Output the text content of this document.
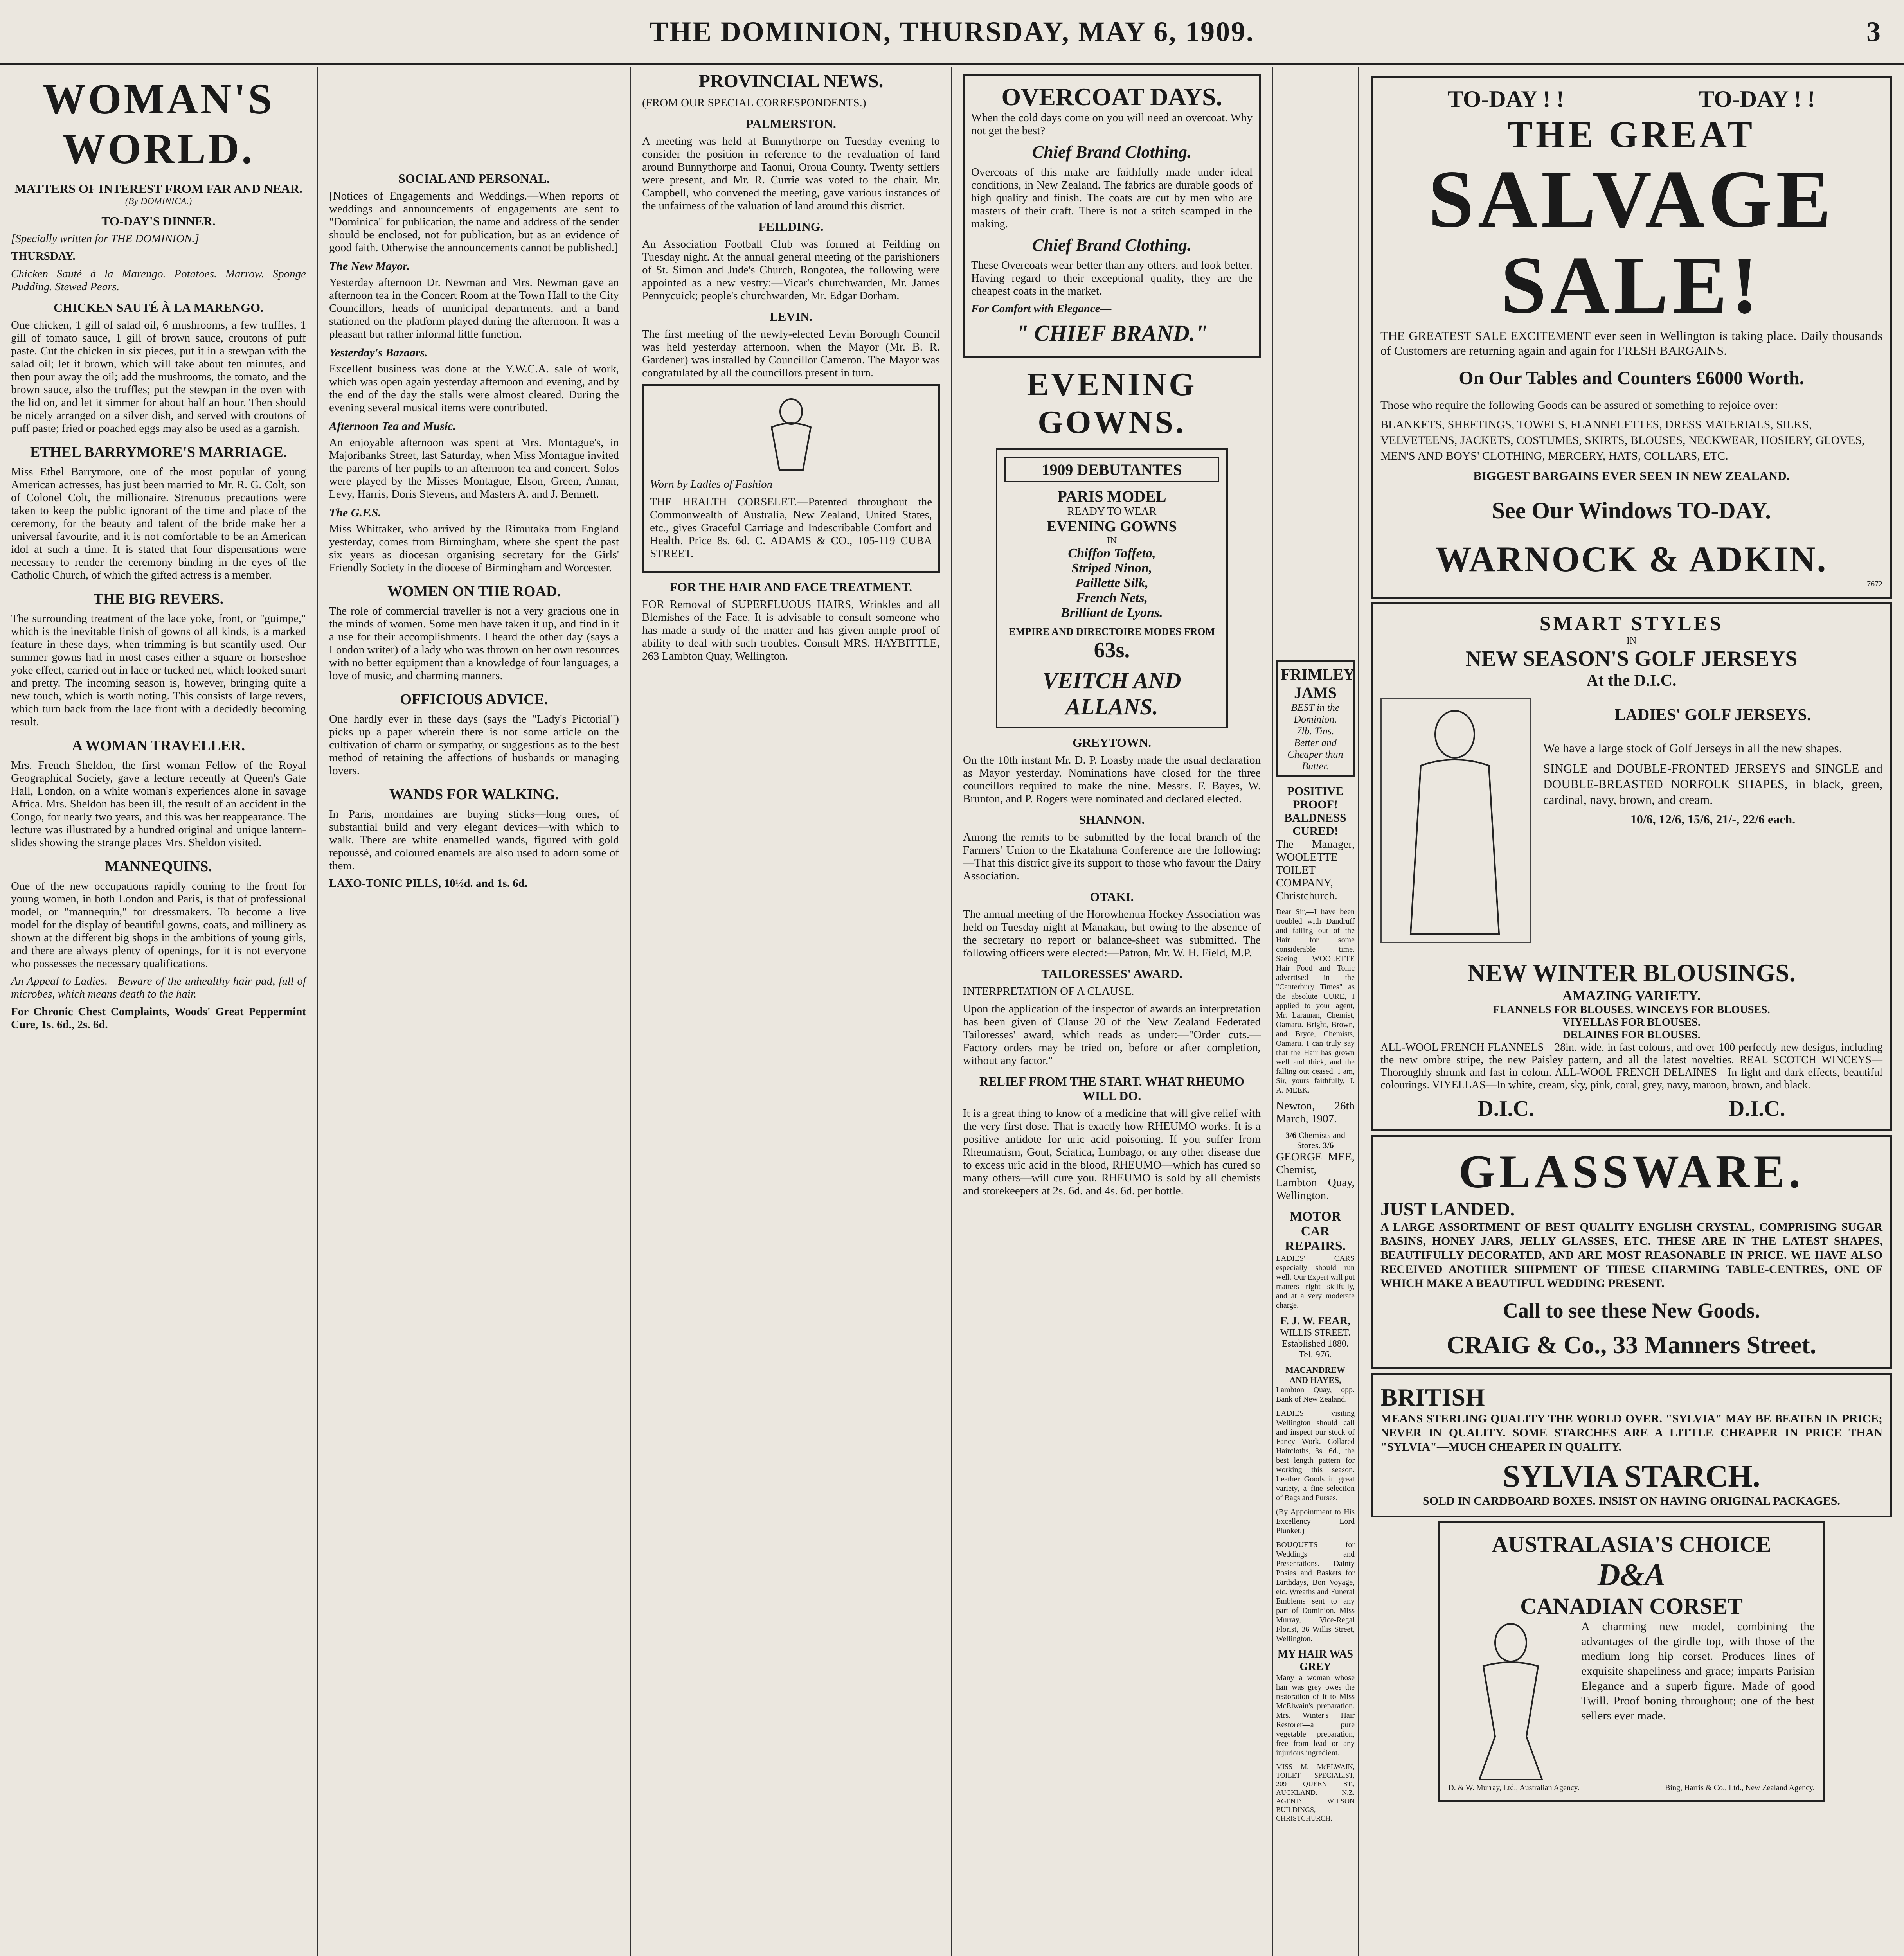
THE DOMINION, THURSDAY, MAY 6, 1909.	3
WOMAN'S WORLD.
MATTERS OF INTEREST FROM FAR AND NEAR.
(By DOMINICA.)
TO-DAY'S DINNER.

[Specially written for THE DOMINION.]

THURSDAY.

Chicken Sauté à la Marengo. Potatoes. Marrow. Sponge Pudding. Stewed Pears.

CHICKEN SAUTÉ À LA MARENGO.

One chicken, 1 gill of salad oil, 6 mushrooms, a few truffles, 1 gill of tomato sauce, 1 gill of brown sauce, croutons of puff paste. Cut the chicken in six pieces, put it in a stewpan with the salad oil; let it brown, which will take about ten minutes, and then pour away the oil; add the mushrooms, the tomato, and the brown sauce, also the truffles; put the stewpan in the oven with the lid on, and let it simmer for about half an hour. Then should be nicely arranged on a silver dish, and served with croutons of puff paste; fried or poached eggs may also be used as a garnish.

ETHEL BARRYMORE'S MARRIAGE.

Miss Ethel Barrymore, one of the most popular of young American actresses, has just been married to Mr. R. G. Colt, son of Colonel Colt, the millionaire. Strenuous precautions were taken to keep the public ignorant of the time and place of the ceremony, for the beauty and talent of the bride make her a universal favourite, and it is not comfortable to be an American idol at such a time. It is stated that four dispensations were necessary to render the ceremony binding in the eyes of the Catholic Church, of which the gifted actress is a member.

THE BIG REVERS.

The surrounding treatment of the lace yoke, front, or "guimpe," which is the inevitable finish of gowns of all kinds, is a marked feature in these days, when trimming is but scantily used. Our summer gowns had in most cases either a square or horseshoe yoke effect, carried out in lace or tucked net, which looked smart and pretty. The incoming season is, however, bringing quite a new touch, which is worth noting. This consists of large revers, which turn back from the lace front with a decidedly becoming result.

A WOMAN TRAVELLER.

Mrs. French Sheldon, the first woman Fellow of the Royal Geographical Society, gave a lecture recently at Queen's Gate Hall, London, on a white woman's experiences alone in savage Africa. Mrs. Sheldon has been ill, the result of an accident in the Congo, for nearly two years, and this was her reappearance. The lecture was illustrated by a hundred original and unique lantern-slides showing the strange places Mrs. Sheldon visited.

MANNEQUINS.

One of the new occupations rapidly coming to the front for young women, in both London and Paris, is that of professional model, or "mannequin," for dressmakers. To become a live model for the display of beautiful gowns, coats, and millinery as shown at the different big shops in the ambitions of young girls, and there are always plenty of openings, for it is not everyone who possesses the necessary qualifications.

An Appeal to Ladies.—Beware of the unhealthy hair pad, full of microbes, which means death to the hair.

For Chronic Chest Complaints, Woods' Great Peppermint Cure, 1s. 6d., 2s. 6d.

SOCIAL AND PERSONAL.

[Notices of Engagements and Weddings.—When reports of weddings and announcements of engagements are sent to "Dominica" for publication, the name and address of the sender should be enclosed, not for publication, but as an evidence of good faith. Otherwise the announcements cannot be published.]

The New Mayor.

Yesterday afternoon Dr. Newman and Mrs. Newman gave an afternoon tea in the Concert Room at the Town Hall to the City Councillors, heads of municipal departments, and a band stationed on the platform played during the afternoon. It was a pleasant but rather informal little function.

Yesterday's Bazaars.

Excellent business was done at the Y.W.C.A. sale of work, which was open again yesterday afternoon and evening, and by the end of the day the stalls were almost cleared. During the evening several musical items were contributed.

Afternoon Tea and Music.

An enjoyable afternoon was spent at Mrs. Montague's, in Majoribanks Street, last Saturday, when Miss Montague invited the parents of her pupils to an afternoon tea and concert. Solos were played by the Misses Montague, Elson, Green, Annan, Levy, Harris, Doris Stevens, and Masters A. and J. Bennett.

The G.F.S.

Miss Whittaker, who arrived by the Rimutaka from England yesterday, comes from Birmingham, where she spent the past six years as diocesan organising secretary for the Girls' Friendly Society in the diocese of Birmingham and Worcester.

WOMEN ON THE ROAD.

The role of commercial traveller is not a very gracious one in the minds of women. Some men have taken it up, and find in it a use for their accomplishments. I heard the other day (says a London writer) of a lady who was thrown on her own resources with no better equipment than a knowledge of four languages, a love of music, and charming manners.

OFFICIOUS ADVICE.

One hardly ever in these days (says the "Lady's Pictorial") picks up a paper wherein there is not some article on the cultivation of charm or sympathy, or suggestions as to the best method of retaining the affections of husbands or managing lovers.

WANDS FOR WALKING.

In Paris, mondaines are buying sticks—long ones, of substantial build and very elegant devices—with which to walk. There are white enamelled wands, figured with gold repoussé, and coloured enamels are also used to adorn some of them.

LAXO-TONIC PILLS, 10½d. and 1s. 6d.

PROVINCIAL NEWS.

(FROM OUR SPECIAL CORRESPONDENTS.)

PALMERSTON.

A meeting was held at Bunnythorpe on Tuesday evening to consider the position in reference to the revaluation of land around Bunnythorpe and Taonui, Oroua County. Twenty settlers were present, and Mr. R. Currie was voted to the chair. Mr. Campbell, who convened the meeting, gave various instances of the unfairness of the valuation of land around this district.

FEILDING.

An Association Football Club was formed at Feilding on Tuesday night. At the annual general meeting of the parishioners of St. Simon and Jude's Church, Rongotea, the following were appointed as a new vestry:—Vicar's churchwarden, Mr. James Pennycuick; people's churchwarden, Mr. Edgar Dorham.

LEVIN.

The first meeting of the newly-elected Levin Borough Council was held yesterday afternoon, when the Mayor (Mr. B. R. Gardener) was installed by Councillor Cameron. The Mayor was congratulated by all the councillors present in turn.

Worn by Ladies of Fashion

THE HEALTH CORSELET.—Patented throughout the Commonwealth of Australia, New Zealand, United States, etc., gives Graceful Carriage and Indescribable Comfort and Health. Price 8s. 6d. C. ADAMS & CO., 105-119 CUBA STREET.

FOR THE HAIR AND FACE TREATMENT.

FOR Removal of SUPERFLUOUS HAIRS, Wrinkles and all Blemishes of the Face. It is advisable to consult someone who has made a study of the matter and has given ample proof of ability to deal with such troubles. Consult MRS. HAYBITTLE, 263 Lambton Quay, Wellington.

OVERCOAT DAYS.

When the cold days come on you will need an overcoat. Why not get the best?

Chief Brand Clothing.

Overcoats of this make are faithfully made under ideal conditions, in New Zealand. The fabrics are durable goods of high quality and finish. The coats are cut by men who are masters of their craft. There is not a stitch scamped in the making.

Chief Brand Clothing.

These Overcoats wear better than any others, and look better. Having regard to their exceptional quality, they are the cheapest coats in the market.

For Comfort with Elegance—

" CHIEF BRAND."
EVENING GOWNS.
1909 DEBUTANTES
PARIS MODEL
READY TO WEAR
EVENING GOWNS
IN
Chiffon Taffeta,
Striped Ninon,
Paillette Silk,
French Nets,
Brilliant de Lyons.
EMPIRE AND DIRECTOIRE MODES FROM
63s.
VEITCH AND ALLANS.
GREYTOWN.

On the 10th instant Mr. D. P. Loasby made the usual declaration as Mayor yesterday. Nominations have closed for the three councillors required to make the nine. Messrs. F. Bayes, W. Brunton, and P. Rogers were nominated and declared elected.

SHANNON.

Among the remits to be submitted by the local branch of the Farmers' Union to the Ekatahuna Conference are the following:—That this district give its support to those who favour the Dairy Association.

OTAKI.

The annual meeting of the Horowhenua Hockey Association was held on Tuesday night at Manakau, but owing to the absence of the secretary no report or balance-sheet was submitted. The following officers were elected:—Patron, Mr. W. H. Field, M.P.

TAILORESSES' AWARD.

INTERPRETATION OF A CLAUSE.

Upon the application of the inspector of awards an interpretation has been given of Clause 20 of the New Zealand Federated Tailoresses' award, which reads as under:—"Order cuts.—Factory orders may be tried on, before or after completion, without any factor."

RELIEF FROM THE START. WHAT RHEUMO WILL DO.

It is a great thing to know of a medicine that will give relief with the very first dose. That is exactly how RHEUMO works. It is a positive antidote for uric acid poisoning. If you suffer from Rheumatism, Gout, Sciatica, Lumbago, or any other disease due to excess uric acid in the blood, RHEUMO—which has cured so many others—will cure you. RHEUMO is sold by all chemists and storekeepers at 2s. 6d. and 4s. 6d. per bottle.

FRIMLEY
JAMS
BEST in the Dominion.
7lb. Tins.
Better and Cheaper than Butter.
POSITIVE PROOF!
BALDNESS CURED!

The Manager, WOOLETTE TOILET COMPANY, Christchurch.

Dear Sir,—I have been troubled with Dandruff and falling out of the Hair for some considerable time. Seeing WOOLETTE Hair Food and Tonic advertised in the "Canterbury Times" as the absolute CURE, I applied to your agent, Mr. Laraman, Chemist, Oamaru. Bright, Brown, and Bryce, Chemists, Oamaru. I can truly say that the Hair has grown well and thick, and the falling out ceased. I am, Sir, yours faithfully, J. A. MEEK.

Newton, 26th March, 1907.

3/6 Chemists and Stores. 3/6

GEORGE MEE, Chemist, Lambton Quay, Wellington.

MOTOR CAR
REPAIRS.

LADIES' CARS especially should run well. Our Expert will put matters right skilfully, and at a very moderate charge.

F. J. W. FEAR,
WILLIS STREET.
Established 1880.
Tel. 976.
MACANDREW AND HAYES,

Lambton Quay, opp. Bank of New Zealand.

LADIES visiting Wellington should call and inspect our stock of Fancy Work. Collared Haircloths, 3s. 6d., the best length pattern for working this season. Leather Goods in great variety, a fine selection of Bags and Purses.

(By Appointment to His Excellency Lord Plunket.)

BOUQUETS for Weddings and Presentations. Dainty Posies and Baskets for Birthdays, Bon Voyage, etc. Wreaths and Funeral Emblems sent to any part of Dominion. Miss Murray, Vice-Regal Florist, 36 Willis Street, Wellington.

MY HAIR WAS GREY

Many a woman whose hair was grey owes the restoration of it to Miss McElwain's preparation. Mrs. Winter's Hair Restorer—a pure vegetable preparation, free from lead or any injurious ingredient.

MISS M. McELWAIN, TOILET SPECIALIST, 209 QUEEN ST., AUCKLAND. N.Z. AGENT: WILSON BUILDINGS, CHRISTCHURCH.

TO-DAY ! !	TO-DAY ! !
THE GREAT
SALVAGE
SALE!

THE GREATEST SALE EXCITEMENT ever seen in Wellington is taking place. Daily thousands of Customers are returning again and again for FRESH BARGAINS.

On Our Tables and Counters £6000 Worth.

Those who require the following Goods can be assured of something to rejoice over:—

BLANKETS, SHEETINGS, TOWELS, FLANNELETTES, DRESS MATERIALS, SILKS, VELVETEENS, JACKETS, COSTUMES, SKIRTS, BLOUSES, NECKWEAR, HOSIERY, GLOVES, MEN'S AND BOYS' CLOTHING, MERCERY, HATS, COLLARS, ETC.

BIGGEST BARGAINS EVER SEEN IN NEW ZEALAND.
See Our Windows TO-DAY.
WARNOCK & ADKIN.
7672
SMART STYLES
IN
NEW SEASON'S GOLF JERSEYS
At the D.I.C.
LADIES' GOLF JERSEYS.

We have a large stock of Golf Jerseys in all the new shapes.

SINGLE and DOUBLE-FRONTED JERSEYS and SINGLE and DOUBLE-BREASTED NORFOLK SHAPES, in black, green, cardinal, navy, brown, and cream.

10/6, 12/6, 15/6, 21/-, 22/6 each.
NEW WINTER BLOUSINGS.
AMAZING VARIETY.
FLANNELS FOR BLOUSES. WINCEYS FOR BLOUSES.
VIYELLAS FOR BLOUSES.
DELAINES FOR BLOUSES.

ALL-WOOL FRENCH FLANNELS—28in. wide, in fast colours, and over 100 perfectly new designs, including the new ombre stripe, the new Paisley pattern, and all the latest novelties. REAL SCOTCH WINCEYS—Thoroughly shrunk and fast in colour. ALL-WOOL FRENCH DELAINES—In light and dark effects, beautiful colourings. VIYELLAS—In white, cream, sky, pink, coral, grey, navy, maroon, brown, and black.

D.I.C.	D.I.C.
GLASSWARE.
JUST LANDED.

A LARGE ASSORTMENT OF BEST QUALITY ENGLISH CRYSTAL, COMPRISING SUGAR BASINS, HONEY JARS, JELLY GLASSES, ETC. THESE ARE IN THE LATEST SHAPES, BEAUTIFULLY DECORATED, AND ARE MOST REASONABLE IN PRICE. WE HAVE ALSO RECEIVED ANOTHER SHIPMENT OF THESE CHARMING TABLE-CENTRES, ONE OF WHICH MAKE A BEAUTIFUL WEDDING PRESENT.

Call to see these New Goods.
CRAIG & Co., 33 Manners Street.
BRITISH

MEANS STERLING QUALITY THE WORLD OVER. "SYLVIA" MAY BE BEATEN IN PRICE; NEVER IN QUALITY. SOME STARCHES ARE A LITTLE CHEAPER IN PRICE THAN "SYLVIA"—MUCH CHEAPER IN QUALITY.

SYLVIA STARCH.
SOLD IN CARDBOARD BOXES. INSIST ON HAVING ORIGINAL PACKAGES.
AUSTRALASIA'S CHOICE
D&A
CANADIAN CORSET

A charming new model, combining the advantages of the girdle top, with those of the medium long hip corset. Produces lines of exquisite shapeliness and grace; imparts Parisian Elegance and a superb figure. Made of good Twill. Proof boning throughout; one of the best sellers ever made.

D. & W. Murray, Ltd., Australian Agency.	Bing, Harris & Co., Ltd., New Zealand Agency.
